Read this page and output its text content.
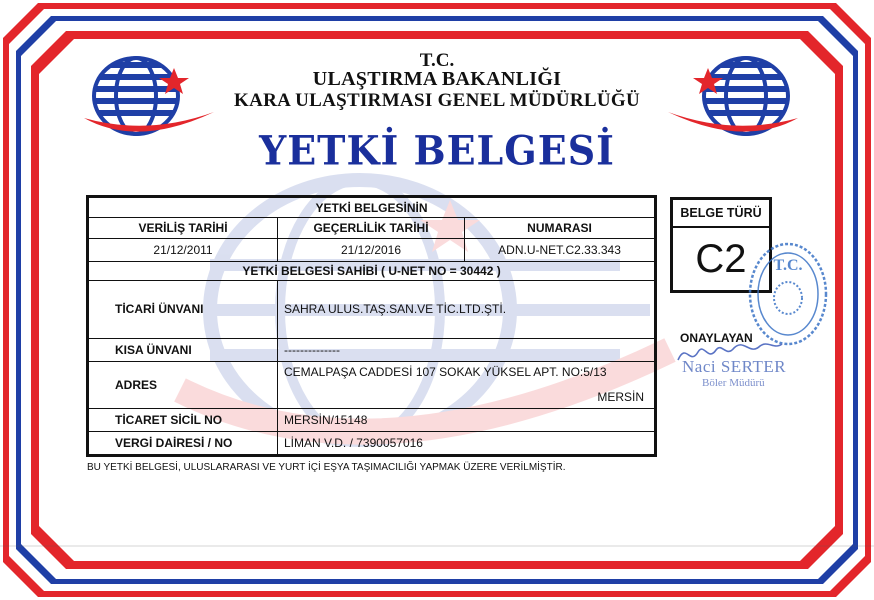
T.C.
ULAŞTIRMA BAKANLIĞI
KARA ULAŞTIRMASI GENEL MÜDÜRLÜĞÜ
YETKİ BELGESİ
YETKİ BELGESİNİN		
VERİLİŞ TARİHİ	GEÇERLİLİK TARİHİ	NUMARASI
21/12/2011	21/12/2016	ADN.U-NET.C2.33.343
YETKİ BELGESİ SAHİBİ ( U-NET NO = 30442 )		
TİCARİ ÜNVANI	SAHRA ULUS.TAŞ.SAN.VE TİC.LTD.ŞTİ.	
KISA ÜNVANI	--------------	
ADRES	CEMALPAŞA CADDESİ 107 SOKAK YÜKSEL APT. NO:5/13
MERSİN	

TİCARET SİCİL NO	MERSİN/15148	
VERGİ DAİRESİ / NO	LİMAN V.D. / 7390057016	
BELGE TÜRÜ
C2	T.C.
ONAYLAYAN
Naci SERTER
Böler Müdürü
BU YETKİ BELGESİ, ULUSLARARASI VE YURT İÇİ EŞYA TAŞIMACILIĞI YAPMAK ÜZERE VERİLMİŞTİR.
